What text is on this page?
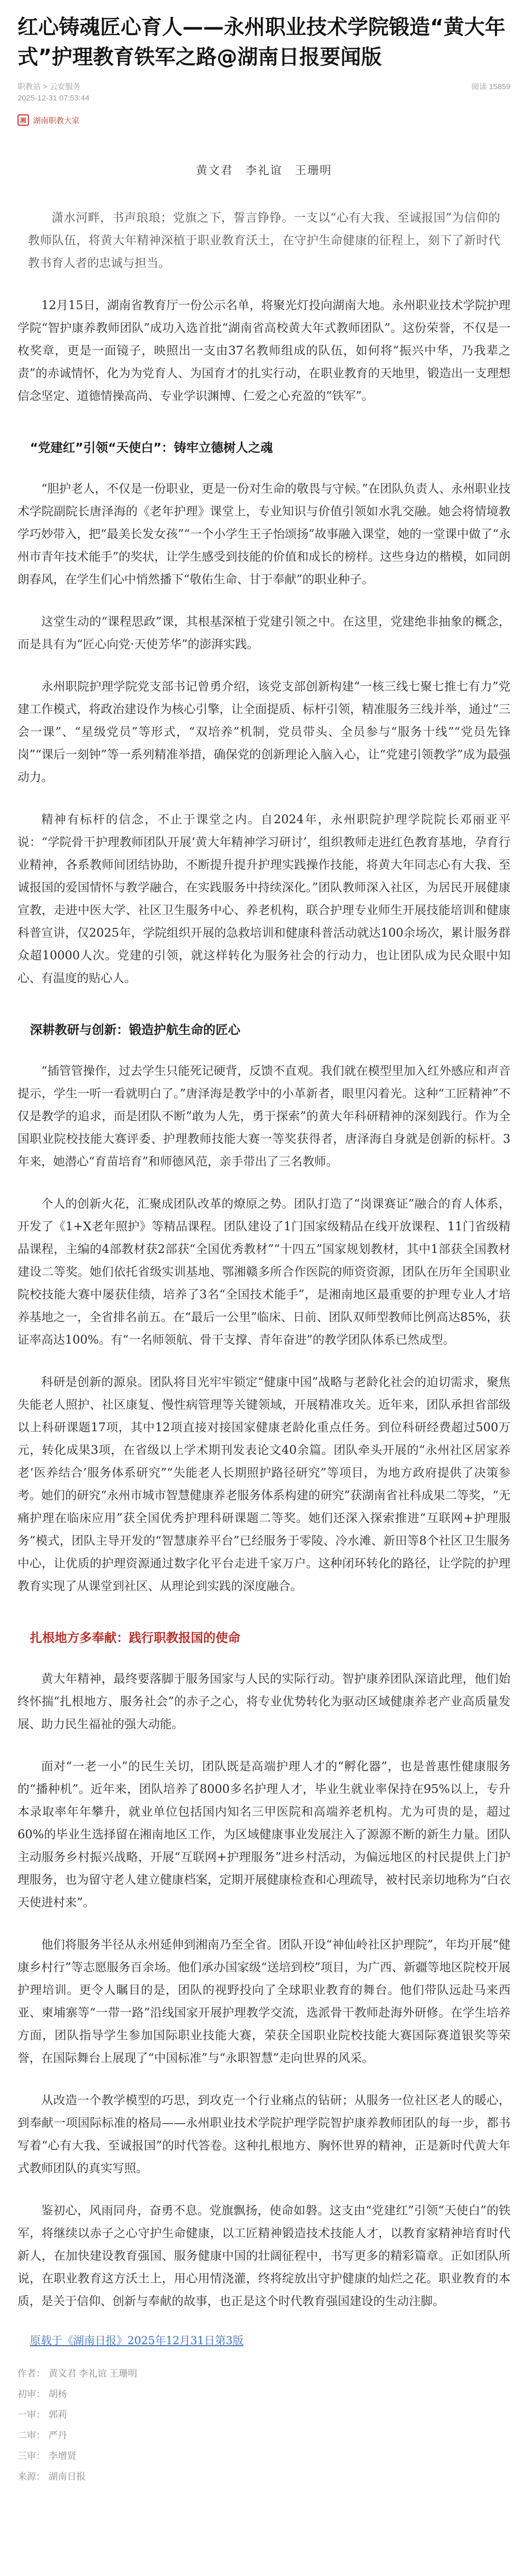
红心铸魂匠心育人——永州职业技术学院锻造“黄大年式”护理教育铁军之路@湖南日报要闻版
职教站 > 云安服务	阅读 15859
2025-12-31 07:53:44
湘 湖南职教大家
黄文君　李礼谊　王珊明

潇水河畔，书声琅琅；党旗之下，誓言铮铮。一支以“心有大我、至诚报国”为信仰的教师队伍，将黄大年精神深植于职业教育沃土，在守护生命健康的征程上，刻下了新时代教书育人者的忠诚与担当。

12月15日，湖南省教育厅一份公示名单，将聚光灯投向湖南大地。永州职业技术学院护理学院“智护康养教师团队”成功入选首批“湖南省高校黄大年式教师团队”。这份荣誉，不仅是一枚奖章，更是一面镜子，映照出一支由37名教师组成的队伍，如何将“振兴中华，乃我辈之责”的赤诚情怀，化为为党育人、为国育才的扎实行动，在职业教育的天地里，锻造出一支理想信念坚定、道德情操高尚、专业学识渊博、仁爱之心充盈的“铁军”。

“党建红”引领“天使白”：铸牢立德树人之魂

“胆护老人，不仅是一份职业，更是一份对生命的敬畏与守候。”在团队负责人、永州职业技术学院副院长唐泽海的《老年护理》课堂上，专业知识与价值引领如水乳交融。她会将情境教学巧妙带入，把“最美长发女孩”“一个小学生王子怡颂扬”故事融入课堂，她的一堂课中做了“永州市青年技术能手”的奖状，让学生感受到技能的价值和成长的榜样。这些身边的楷模，如同朗朗春风，在学生们心中悄然播下“敬佑生命、甘于奉献”的职业种子。

这堂生动的“课程思政”课，其根基深植于党建引领之中。在这里，党建绝非抽象的概念，而是具有为“匠心向党·天使芳华”的澎湃实践。

永州职院护理学院党支部书记曾勇介绍，该党支部创新构建“一核三线七聚七推七有力”党建工作模式，将政治建设作为核心引擎，让全面提质、标杆引领，精准服务三线并举，通过“三会一课”、“星级党员”等形式，“双培养”机制，党员带头、全员参与“服务十线”“党员先锋岗”“课后一刻钟”等一系列精准举措，确保党的创新理论入脑入心，让“党建引领教学”成为最强动力。

精神有标杆的信念，不止于课堂之内。自2024年，永州职院护理学院院长邓丽亚平说：“学院骨干护理教师团队开展‘黄大年精神学习研讨’，组织教师走进红色教育基地，孕育行业精神，各系教师间团结协助，不断提升提升护理实践操作技能，将黄大年同志心有大我、至诚报国的爱国情怀与教学融合，在实践服务中持续深化。”团队教师深入社区，为居民开展健康宣教，走进中医大学、社区卫生服务中心、养老机构，联合护理专业师生开展技能培训和健康科普宣讲，仅2025年，学院组织开展的急救培训和健康科普活动就达100余场次，累计服务群众超10000人次。党建的引领，就这样转化为服务社会的行动力，也让团队成为民众眼中知心、有温度的贴心人。

深耕教研与创新：锻造护航生命的匠心

“插管管操作，过去学生只能死记硬背，反馈不直观。我们就在模型里加入红外感应和声音提示，学生一听一看就明白了。”唐泽海是教学中的小革新者，眼里闪着光。这种“工匠精神”不仅是教学的追求，而是团队不断“敢为人先，勇于探索”的黄大年科研精神的深刻践行。作为全国职业院校技能大赛评委、护理教师技能大赛一等奖获得者，唐泽海自身就是创新的标杆。3年来，她潜心“育苗培育”和师德风范，亲手带出了三名教师。

个人的创新火花，汇聚成团队改革的燎原之势。团队打造了“岗课赛证”融合的育人体系，开发了《1+X老年照护》等精品课程。团队建设了1门国家级精品在线开放课程、11门省级精品课程，主编的4部教材获2部获“全国优秀教材”“十四五”国家规划教材，其中1部获全国教材建设二等奖。她们依托省级实训基地、鄂湘赣多所合作医院的师资资源，团队在历年全国职业院校技能大赛中屡获佳绩，培养了3名“全国技术能手”，是湘南地区最重要的护理专业人才培养基地之一，全省排名前五。在“最后一公里”临床、日前、团队双师型教师比例高达85%，获证率高达100%。有“一名师领航、骨干支撑、青年奋进”的教学团队体系已然成型。

科研是创新的源泉。团队将目光牢牢锁定“健康中国”战略与老龄化社会的迫切需求，聚焦失能老人照护、社区康复、慢性病管理等关键领域，开展精准攻关。近年来，团队承担省部级以上科研课题17项，其中12项直接对接国家健康老龄化重点任务。到位科研经费超过500万元，转化成果3项，在省级以上学术期刊发表论文40余篇。团队牵头开展的“永州社区居家养老‘医养结合’服务体系研究”“失能老人长期照护路径研究”等项目，为地方政府提供了决策参考。她们的研究“永州市城市智慧健康养老服务体系构建的研究”获湖南省社科成果二等奖，“无痛护理在临床应用”获全国优秀护理科研课题二等奖。她们还深入探索推进“互联网+护理服务”模式，团队主导开发的“智慧康养平台”已经服务于零陵、冷水滩、新田等8个社区卫生服务中心，让优质的护理资源通过数字化平台走进千家万户。这种闭环转化的路径，让学院的护理教育实现了从课堂到社区、从理论到实践的深度融合。

扎根地方多奉献：践行职教报国的使命

黄大年精神，最终要落脚于服务国家与人民的实际行动。智护康养团队深谙此理，他们始终怀揣“扎根地方、服务社会”的赤子之心，将专业优势转化为驱动区域健康养老产业高质量发展、助力民生福祉的强大动能。

面对“一老一小”的民生关切，团队既是高端护理人才的“孵化器”，也是普惠性健康服务的“播种机”。近年来，团队培养了8000多名护理人才，毕业生就业率保持在95%以上，专升本录取率年年攀升，就业单位包括国内知名三甲医院和高端养老机构。尤为可贵的是，超过60%的毕业生选择留在湘南地区工作，为区域健康事业发展注入了源源不断的新生力量。团队主动服务乡村振兴战略，开展“互联网+护理服务”进乡村活动，为偏远地区的村民提供上门护理服务，也为留守老人建立健康档案，定期开展健康检查和心理疏导，被村民亲切地称为“白衣天使进村来”。

他们将服务半径从永州延伸到湘南乃至全省。团队开设“神仙岭社区护理院”，年均开展“健康乡村行”等志愿服务百余场。他们承办国家级“送培到校”项目，为广西、新疆等地区院校开展护理培训。更令人瞩目的是，团队的视野投向了全球职业教育的舞台。他们带队远赴马来西亚、柬埔寨等“一带一路”沿线国家开展护理教学交流，选派骨干教师赴海外研修。在学生培养方面，团队指导学生参加国际职业技能大赛，荣获全国职业院校技能大赛国际赛道银奖等荣誉，在国际舞台上展现了“中国标准”与“永职智慧”走向世界的风采。

从改造一个教学模型的巧思，到攻克一个行业痛点的钻研；从服务一位社区老人的暖心，到奉献一项国际标准的格局——永州职业技术学院护理学院智护康养教师团队的每一步，都书写着“心有大我、至诚报国”的时代答卷。这种扎根地方、胸怀世界的精神，正是新时代黄大年式教师团队的真实写照。

鉴初心，风雨同舟，奋勇不息。党旗飘扬，使命如磐。这支由“党建红”引领“天使白”的铁军，将继续以赤子之心守护生命健康，以工匠精神锻造技术技能人才，以教育家精神培育时代新人，在加快建设教育强国、服务健康中国的壮阔征程中，书写更多的精彩篇章。正如团队所说，在职业教育这方沃土上，用心用情浇灌，终将绽放出守护健康的灿烂之花。职业教育的本质，是关于信仰、创新与奉献的故事，也正是这个时代教育强国建设的生动注脚。

原载于《湖南日报》2025年12月31日第3版
作者： 黄文君 李礼谊 王珊明
初审： 胡杨
一审： 郭莉
二审： 严丹
三审： 李增贤
来源： 湖南日报
